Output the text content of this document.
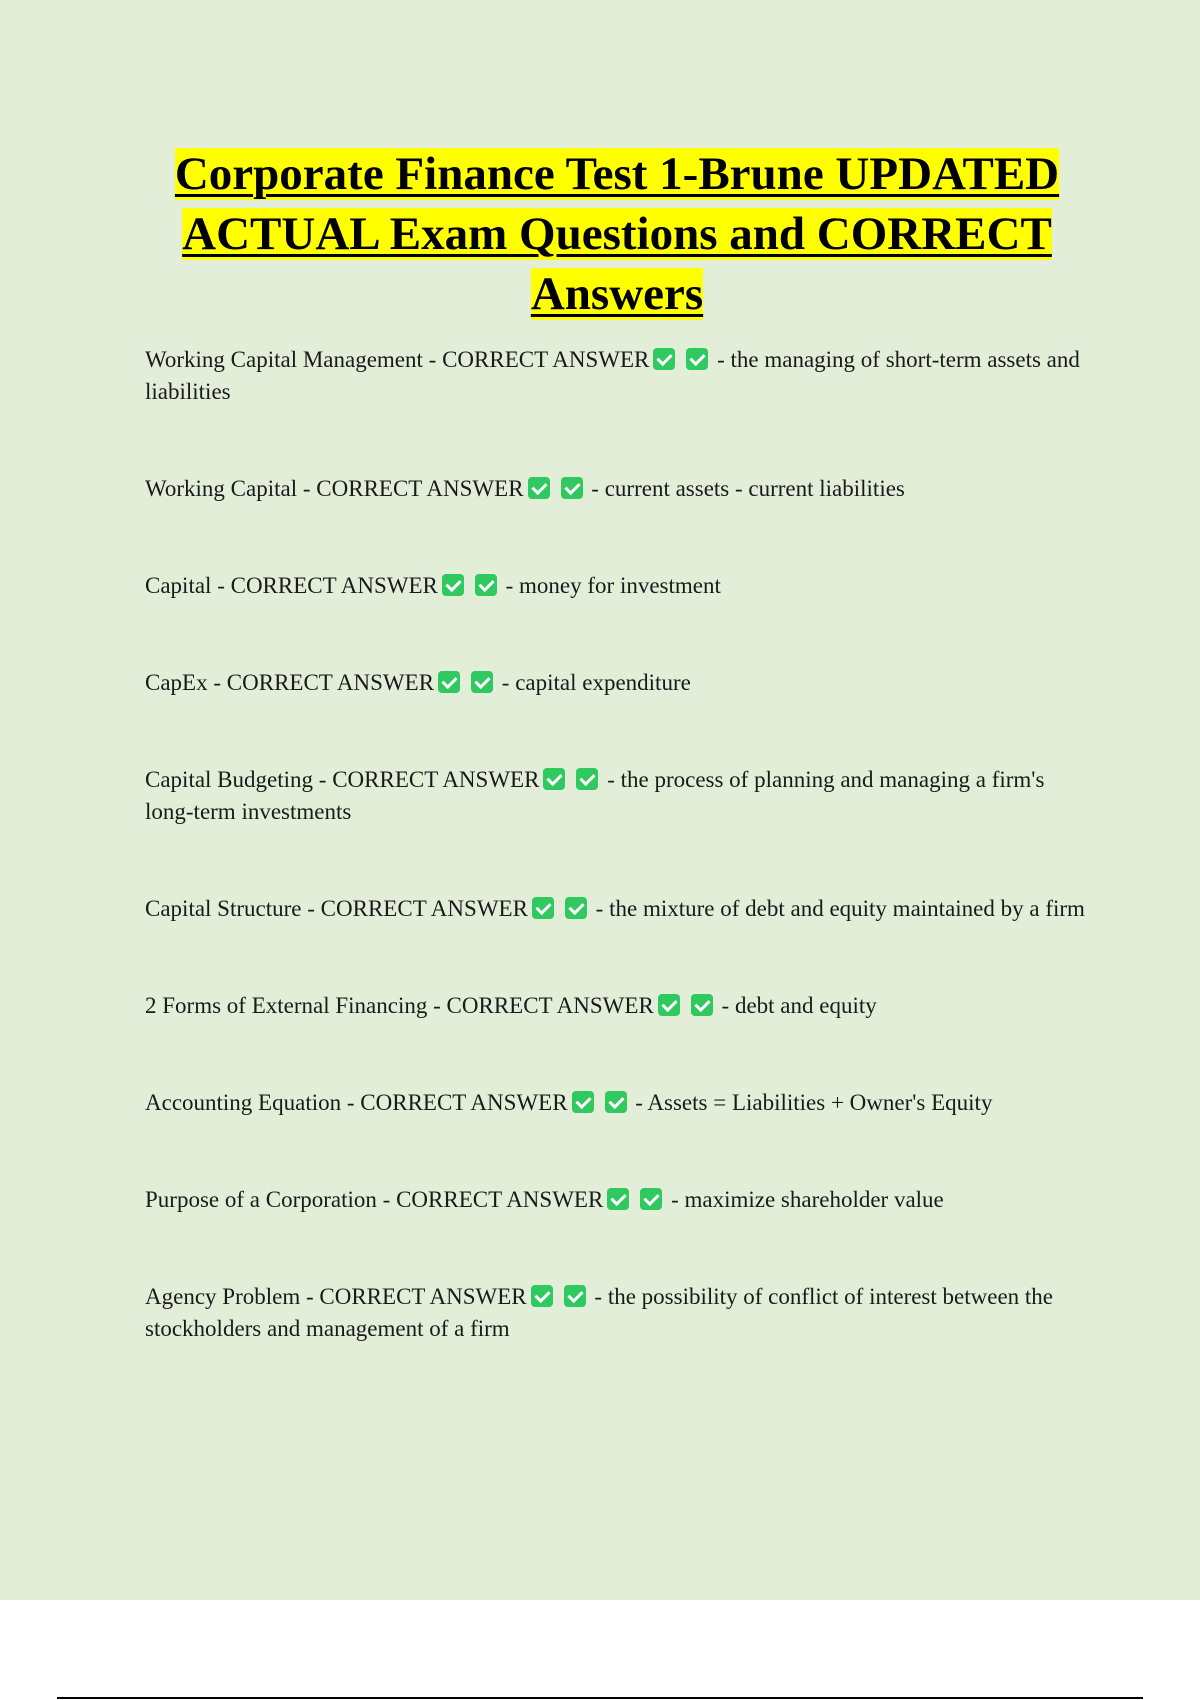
Corporate Finance Test 1-Brune UPDATED ACTUAL Exam Questions and CORRECT Answers

Working Capital Management - CORRECT ANSWER	- the managing of short-term assets and liabilities

Working Capital - CORRECT ANSWER	- current assets - current liabilities

Capital - CORRECT ANSWER	- money for investment

CapEx - CORRECT ANSWER	- capital expenditure

Capital Budgeting - CORRECT ANSWER	- the process of planning and managing a firm's long-term investments

Capital Structure - CORRECT ANSWER	- the mixture of debt and equity maintained by a firm

2 Forms of External Financing - CORRECT ANSWER	- debt and equity

Accounting Equation - CORRECT ANSWER	- Assets = Liabilities + Owner's Equity

Purpose of a Corporation - CORRECT ANSWER	- maximize shareholder value

Agency Problem - CORRECT ANSWER	- the possibility of conflict of interest between the stockholders and management of a firm
